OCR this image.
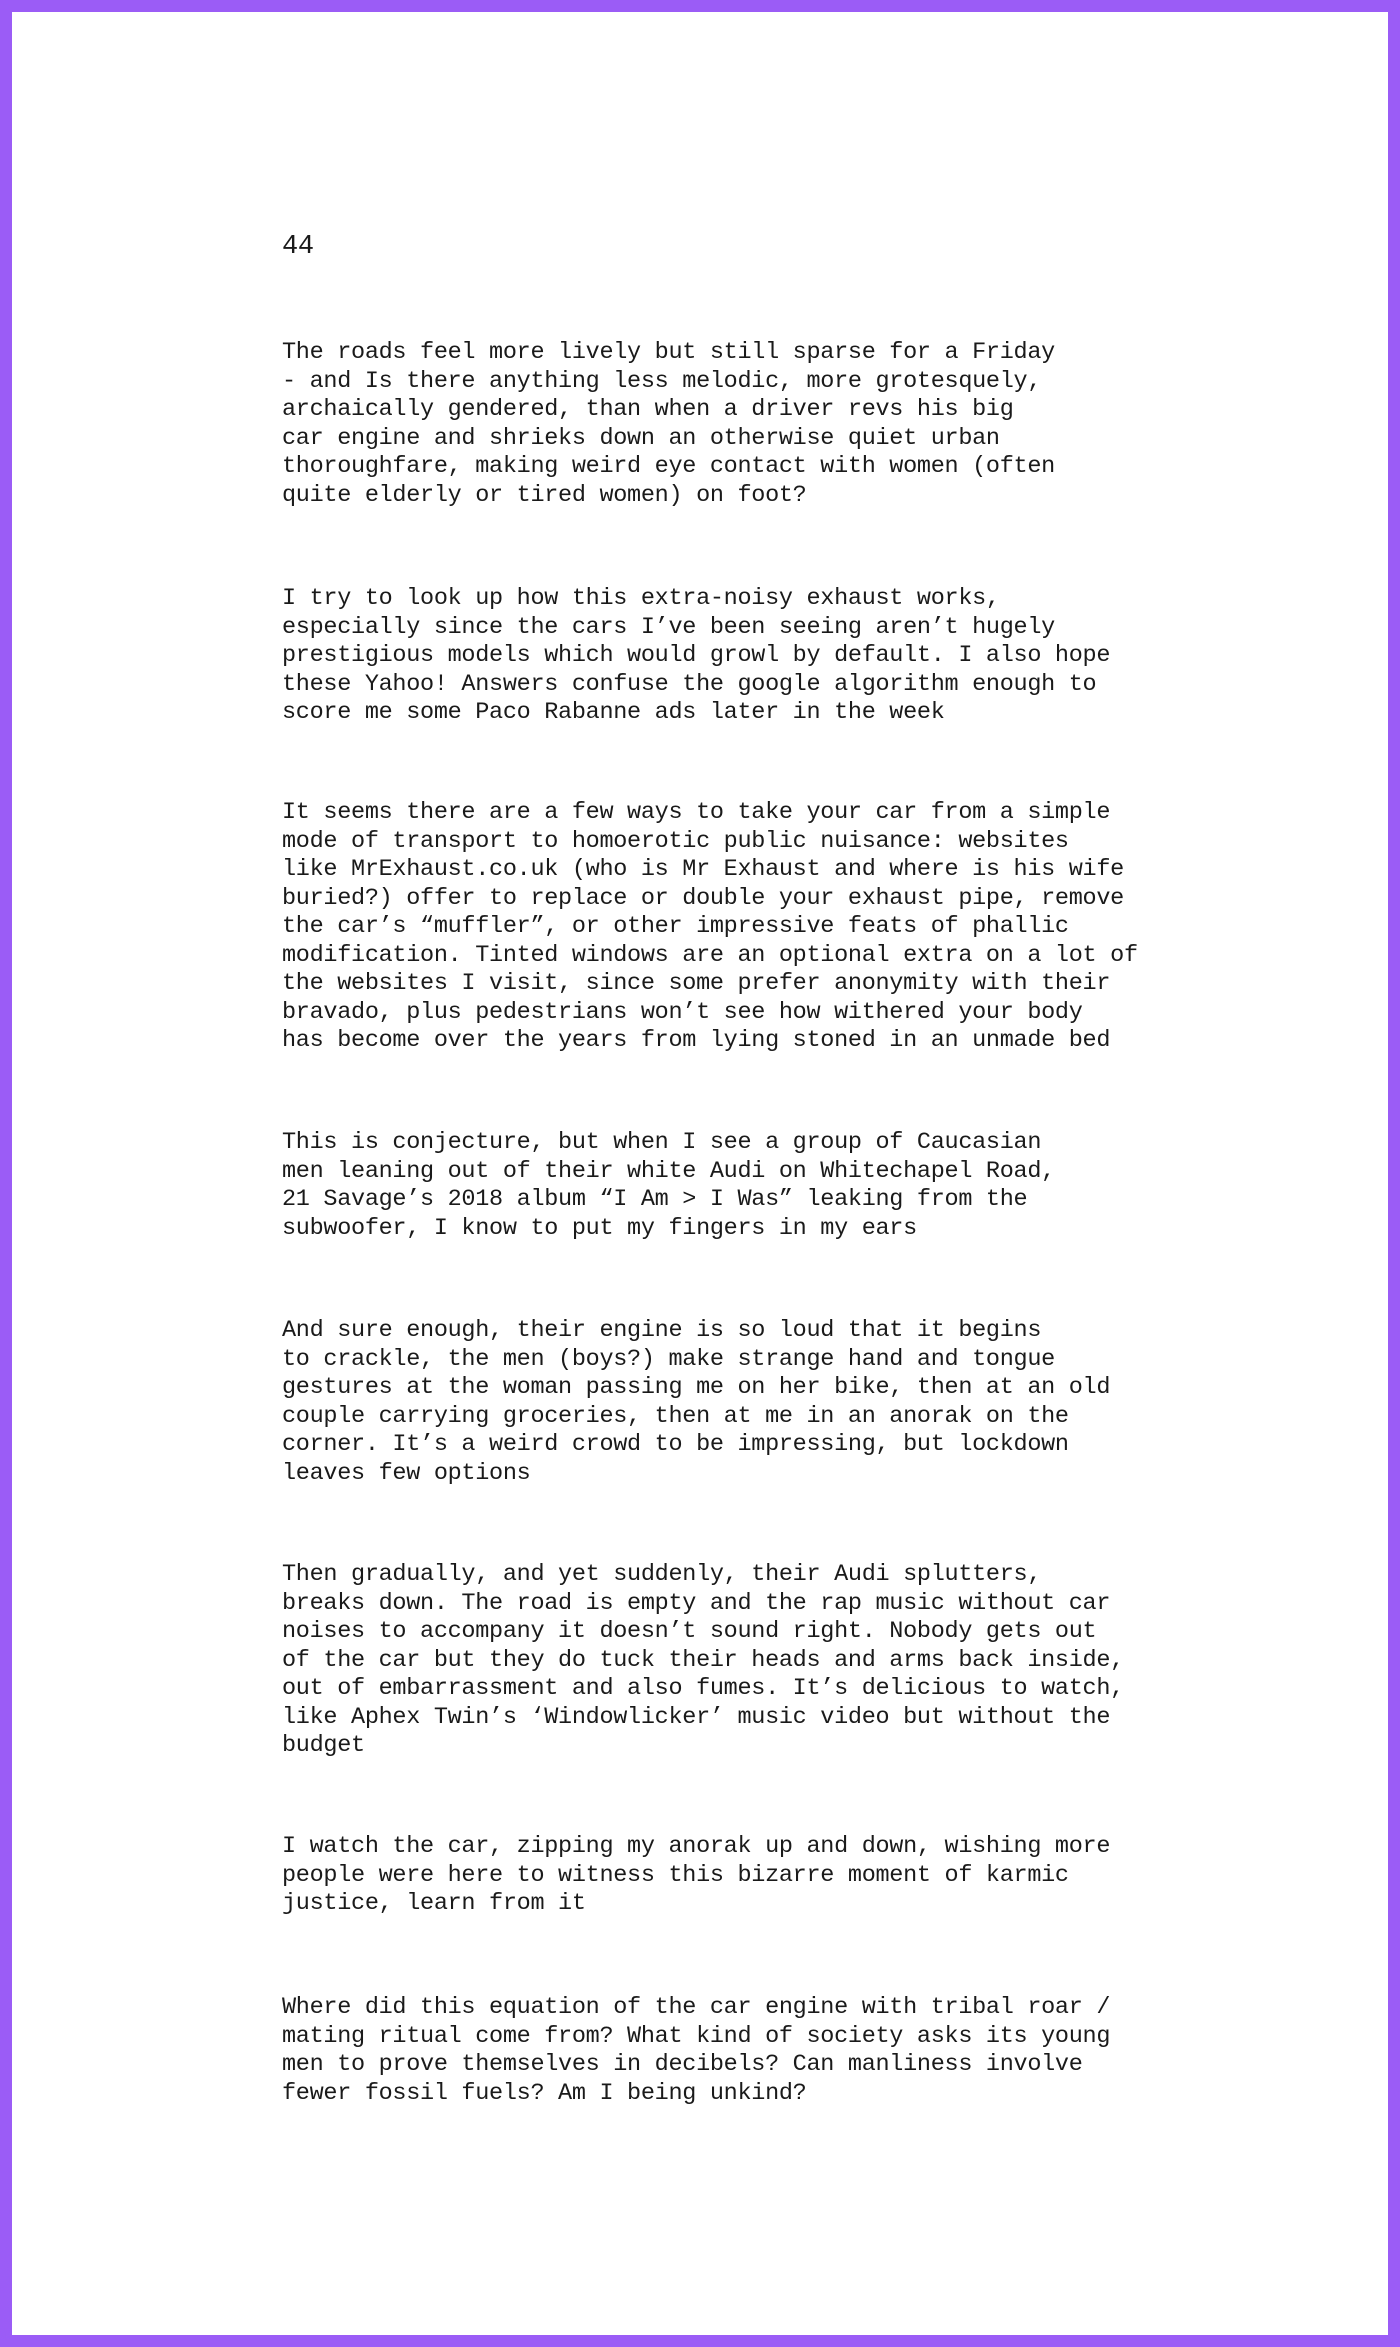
44

The roads feel more lively but still sparse for a Friday
- and Is there anything less melodic, more grotesquely,
archaically gendered, than when a driver revs his big
car engine and shrieks down an otherwise quiet urban
thoroughfare, making weird eye contact with women (often
quite elderly or tired women) on foot?

I try to look up how this extra-noisy exhaust works,
especially since the cars I’ve been seeing aren’t hugely
prestigious models which would growl by default. I also hope
these Yahoo! Answers confuse the google algorithm enough to
score me some Paco Rabanne ads later in the week

It seems there are a few ways to take your car from a simple
mode of transport to homoerotic public nuisance: websites
like MrExhaust.co.uk (who is Mr Exhaust and where is his wife
buried?) offer to replace or double your exhaust pipe, remove
the car’s “muffler”, or other impressive feats of phallic
modification. Tinted windows are an optional extra on a lot of
the websites I visit, since some prefer anonymity with their
bravado, plus pedestrians won’t see how withered your body
has become over the years from lying stoned in an unmade bed

This is conjecture, but when I see a group of Caucasian
men leaning out of their white Audi on Whitechapel Road,
21 Savage’s 2018 album “I Am > I Was” leaking from the
subwoofer, I know to put my fingers in my ears

And sure enough, their engine is so loud that it begins
to crackle, the men (boys?) make strange hand and tongue
gestures at the woman passing me on her bike, then at an old
couple carrying groceries, then at me in an anorak on the
corner. It’s a weird crowd to be impressing, but lockdown
leaves few options

Then gradually, and yet suddenly, their Audi splutters,
breaks down. The road is empty and the rap music without car
noises to accompany it doesn’t sound right. Nobody gets out
of the car but they do tuck their heads and arms back inside,
out of embarrassment and also fumes. It’s delicious to watch,
like Aphex Twin’s ‘Windowlicker’ music video but without the
budget

I watch the car, zipping my anorak up and down, wishing more
people were here to witness this bizarre moment of karmic
justice, learn from it

Where did this equation of the car engine with tribal roar /
mating ritual come from? What kind of society asks its young
men to prove themselves in decibels? Can manliness involve
fewer fossil fuels? Am I being unkind?
